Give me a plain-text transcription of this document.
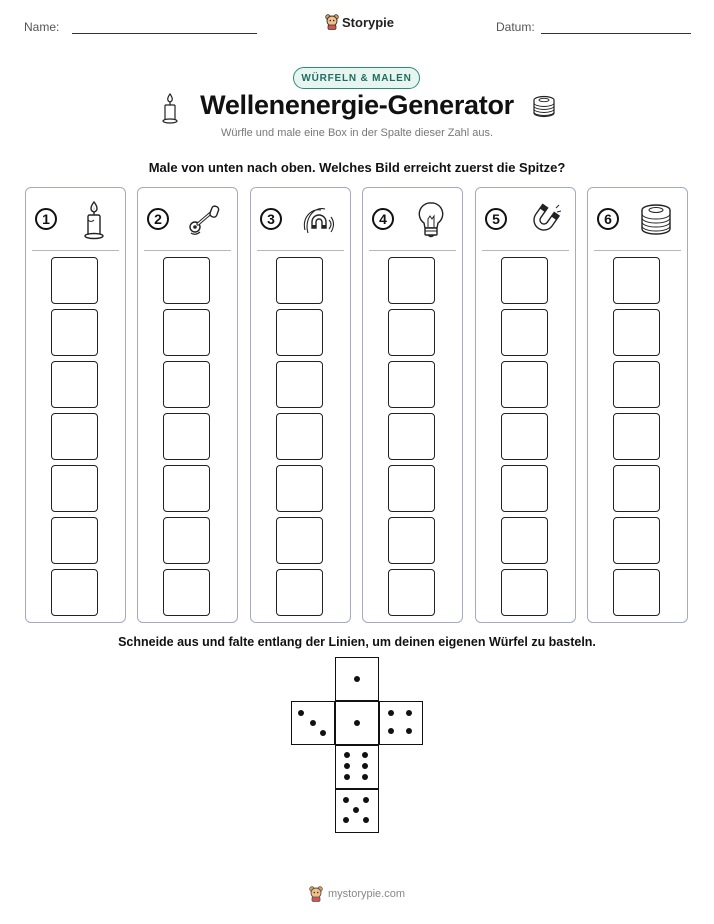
Name:	Storypie	Datum:
WÜRFELN & MALEN
Wellenenergie-Generator
Würfle und male eine Box in der Spalte dieser Zahl aus.
Male von unten nach oben. Welches Bild erreicht zuerst die Spitze?
1	2	3	4	5	6
Schneide aus und falte entlang der Linien, um deinen eigenen Würfel zu basteln.
mystorypie.com
